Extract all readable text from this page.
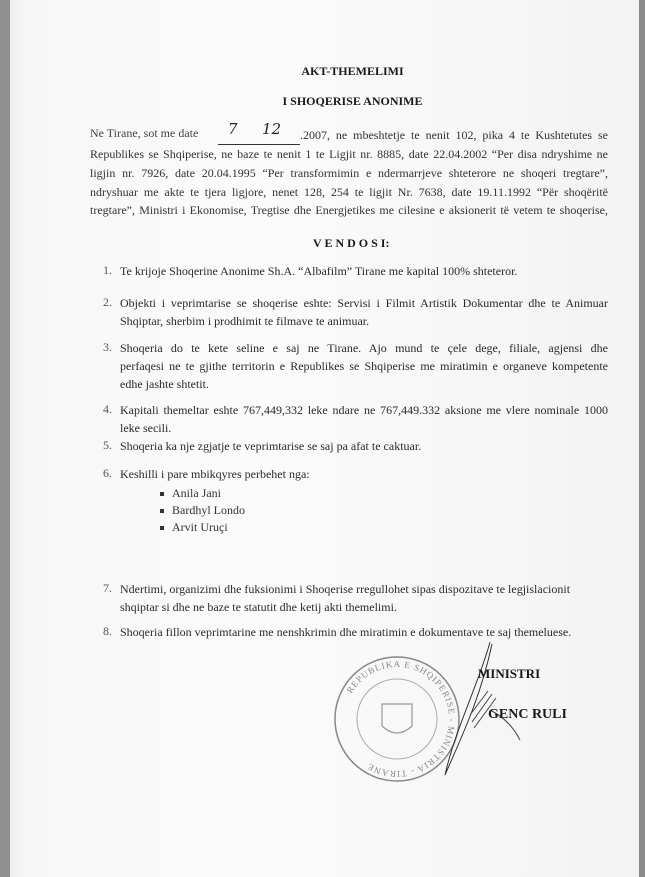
AKT-THEMELIMI
I SHOQERISE ANONIME
Ne Tirane, sot me date 7 12 .2007, ne mbeshtetje te nenit 102, pika 4 te Kushtetutes se
Republikes se Shqiperise, ne baze te nenit 1 te Ligjit nr. 8885, date 22.04.2002 “Per disa ndryshime ne
ligjin nr. 7926, date 20.04.1995 “Per transformimin e ndermarrjeve shteterore ne shoqeri tregtare”,
ndryshuar me akte te tjera ligjore, nenet 128, 254 te ligjit Nr. 7638, date 19.11.1992 “Për shoqëritë
tregtare”, Ministri i Ekonomise, Tregtise dhe Energjetikes me cilesine e aksionerit të vetem te shoqerise,
V E N D O S I:
1. Te krijoje Shoqerine Anonime Sh.A. “Albafilm” Tirane me kapital 100% shteteror.
2. Objekti i veprimtarise se shoqerise eshte: Servisi i Filmit Artistik Dokumentar dhe te Animuar
Shqiptar, sherbim i prodhimit te filmave te animuar.
3. Shoqeria do te kete seline e saj ne Tirane. Ajo mund te çele dege, filiale, agjensi dhe
perfaqesi ne te gjithe territorin e Republikes se Shqiperise me miratimin e organeve kompetente
edhe jashte shtetit.
4. Kapitali themeltar eshte 767,449,332 leke ndare ne 767,449.332 aksione me vlere nominale 1000
leke secili.
5. Shoqeria ka nje zgjatje te veprimtarise se saj pa afat te caktuar.
6. Keshilli i pare mbikqyres perbehet nga:
Anila Jani
Bardhyl Londo
Arvit Uruçi
7. Ndertimi, organizimi dhe fuksionimi i Shoqerise rregullohet sipas dispozitave te legjislacionit
shqiptar si dhe ne baze te statutit dhe ketij akti themelimi.
8. Shoqeria fillon veprimtarine me nenshkrimin dhe miratimin e dokumentave te saj themeluese.
REPUBLIKA E SHQIPERISE - MINISTRIA - TIRANE
MINISTRI
GENC RULI
